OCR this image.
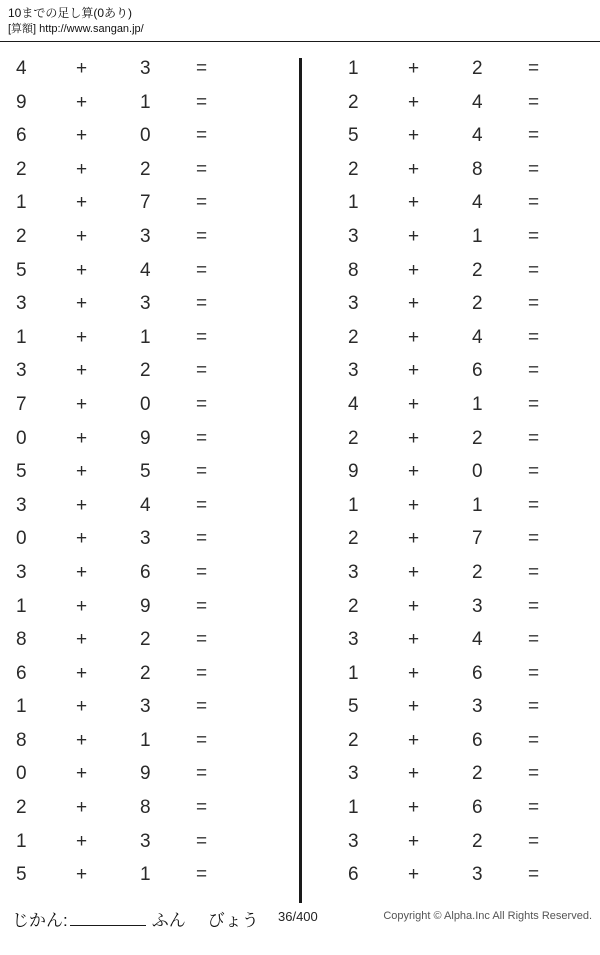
10までの足し算(0あり)
[算額] http://www.sangan.jp/
4	+	3	=
9	+	1	=
6	+	0	=
2	+	2	=
1	+	7	=
2	+	3	=
5	+	4	=
3	+	3	=
1	+	1	=
3	+	2	=
7	+	0	=
0	+	9	=
5	+	5	=
3	+	4	=
0	+	3	=
3	+	6	=
1	+	9	=
8	+	2	=
6	+	2	=
1	+	3	=
8	+	1	=
0	+	9	=
2	+	8	=
1	+	3	=
5	+	1	=
1	+	2	=
2	+	4	=
5	+	4	=
2	+	8	=
1	+	4	=
3	+	1	=
8	+	2	=
3	+	2	=
2	+	4	=
3	+	6	=
4	+	1	=
2	+	2	=
9	+	0	=
1	+	1	=
2	+	7	=
3	+	2	=
2	+	3	=
3	+	4	=
1	+	6	=
5	+	3	=
2	+	6	=
3	+	2	=
1	+	6	=
3	+	2	=
6	+	3	=
じかん:	ふん びょう 36/400	Copyright © Alpha.Inc All Rights Reserved.
